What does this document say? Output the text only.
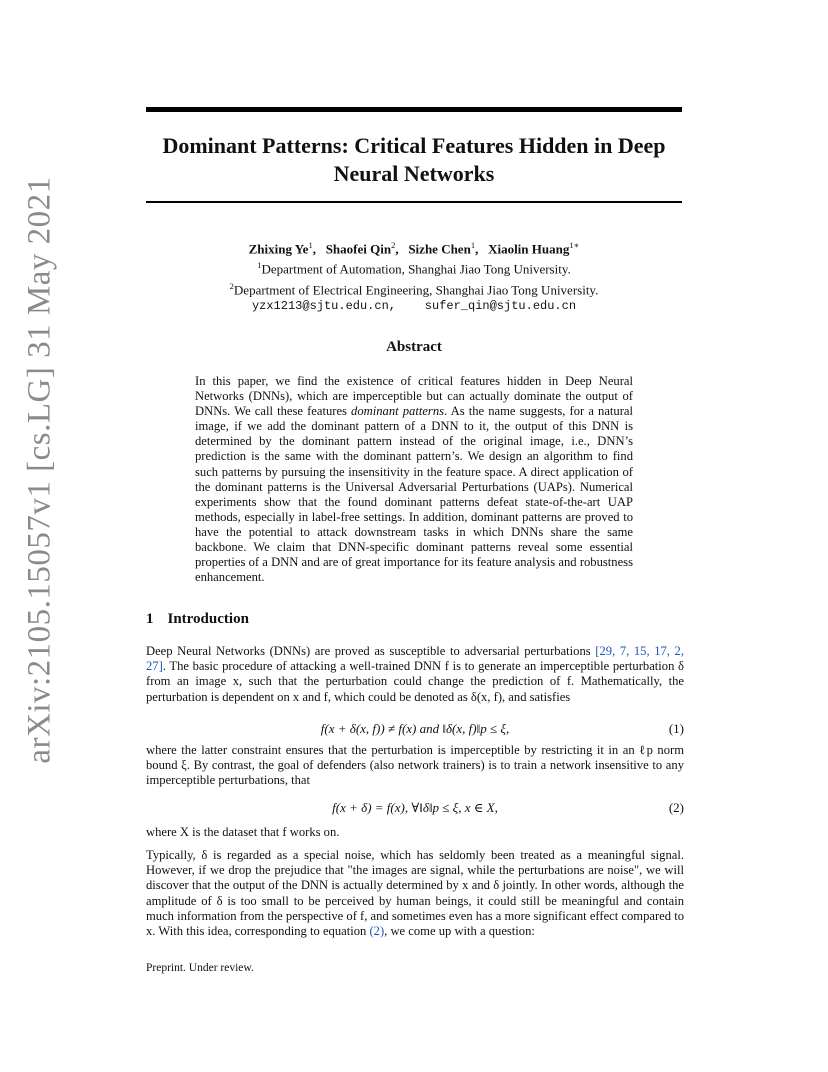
arXiv:2105.15057v1 [cs.LG] 31 May 2021
Dominant Patterns: Critical Features Hidden in Deep
Neural Networks
Zhixing Ye$^1$,   Shaofei Qin$^2$,   Sizhe Chen$^1$,   Xiaolin Huang$^{1∗}$
$^1$Department of Automation, Shanghai Jiao Tong University.
$^2$Department of Electrical Engineering, Shanghai Jiao Tong University.
yzx1213@sjtu.edu.cn, sufer_qin@sjtu.edu.cn
Abstract
In this paper, we find the existence of critical features hidden in Deep Neural Networks (DNNs), which are imperceptible but can actually dominate the output of DNNs. We call these features dominant patterns. As the name suggests, for a natural image, if we add the dominant pattern of a DNN to it, the output of this DNN is determined by the dominant pattern instead of the original image, i.e., DNN’s prediction is the same with the dominant pattern’s. We design an algorithm to find such patterns by pursuing the insensitivity in the feature space. A direct application of the dominant patterns is the Universal Adversarial Perturbations (UAPs). Numerical experiments show that the found dominant patterns defeat state-of-the-art UAP methods, especially in label-free settings. In addition, dominant patterns are proved to have the potential to attack downstream tasks in which DNNs share the same backbone. We claim that DNN-specific dominant patterns reveal some essential properties of a DNN and are of great importance for its feature analysis and robustness enhancement.
1 Introduction
Deep Neural Networks (DNNs) are proved as susceptible to adversarial perturbations [29, 7, 15, 17, 2, 27]. The basic procedure of attacking a well-trained DNN f is to generate an imperceptible perturbation δ from an image x, such that the perturbation could change the prediction of f. Mathematically, the perturbation is dependent on x and f, which could be denoted as δ(x, f), and satisfies
f(x + δ(x, f)) ≠ f(x) and ‖δ(x, f)‖p ≤ ξ,	(1)
where the latter constraint ensures that the perturbation is imperceptible by restricting it in an ℓp norm bound ξ. By contrast, the goal of defenders (also network trainers) is to train a network insensitive to any imperceptible perturbations, that
f(x + δ) = f(x), ∀‖δ‖p ≤ ξ, x ∈ X,	(2)
where X is the dataset that f works on.
Typically, δ is regarded as a special noise, which has seldomly been treated as a meaningful signal. However, if we drop the prejudice that "the images are signal, while the perturbations are noise", we will discover that the output of the DNN is actually determined by x and δ jointly. In other words, although the amplitude of δ is too small to be perceived by human beings, it could still be meaningful and contain much information from the perspective of f, and sometimes even has a more significant effect compared to x. With this idea, corresponding to equation (2), we come up with a question:
Preprint. Under review.
